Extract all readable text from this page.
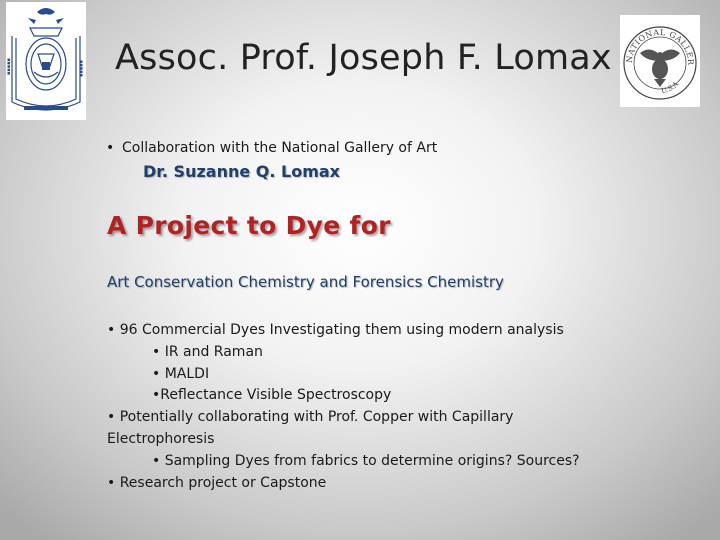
▪▪▪▪▪	▪▪▪▪▪ Assoc. Prof. Joseph F. Lomax	NATIONAL GALLER
U.S.A
• Collaboration with the National Gallery of Art
Dr. Suzanne Q. Lomax
A Project to Dye for
Art Conservation Chemistry and Forensics Chemistry
• 96 Commercial Dyes Investigating them using modern analysis
• IR and Raman
• MALDI
•Reflectance Visible Spectroscopy
• Potentially collaborating with Prof. Copper with Capillary
Electrophoresis
• Sampling Dyes from fabrics to determine origins? Sources?
• Research project or Capstone
